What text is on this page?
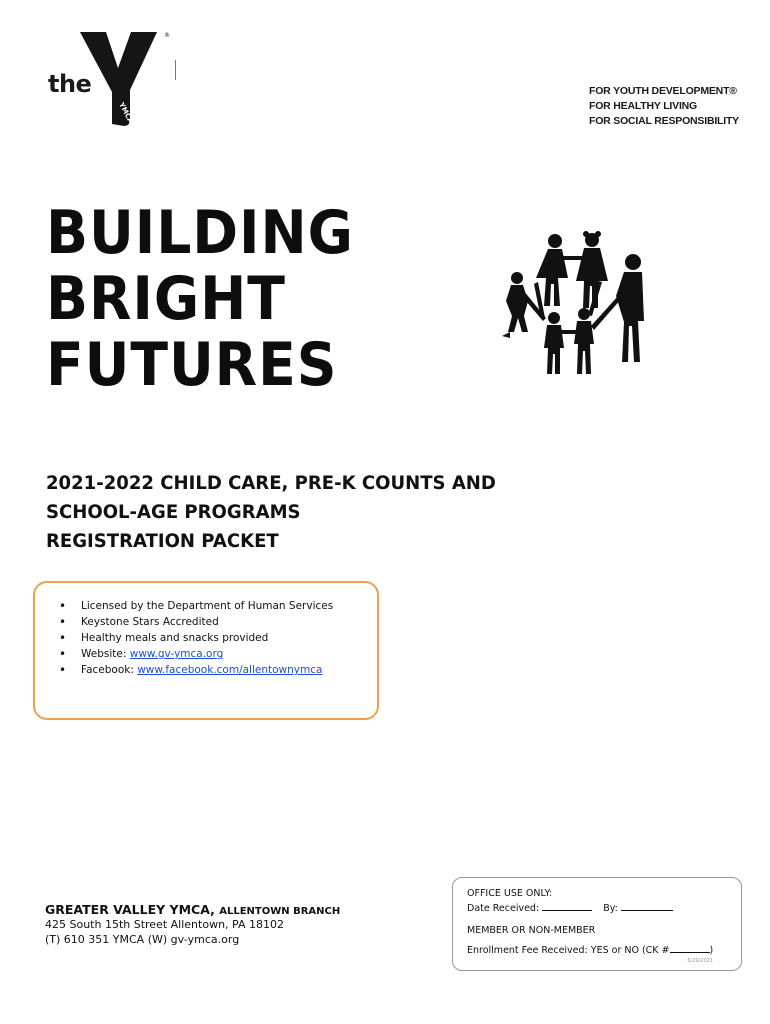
YMCA
®
the	FOR YOUTH DEVELOPMENT®
FOR HEALTHY LIVING
FOR SOCIAL RESPONSIBILITY
BUILDING
BRIGHT
FUTURES
2021-2022 CHILD CARE, PRE-K COUNTS AND
SCHOOL-AGE PROGRAMS
REGISTRATION PACKET
• Licensed by the Department of Human Services
• Keystone Stars Accredited
• Healthy meals and snacks provided
• Website: www.gv-ymca.org
• Facebook: www.facebook.com/allentownymca
GREATER VALLEY YMCA, ALLENTOWN BRANCH
425 South 15th Street Allentown, PA 18102
(T) 610 351 YMCA (W) gv-ymca.org
OFFICE USE ONLY:
Date Received:	By:
MEMBER OR NON-MEMBER
Enrollment Fee Received: YES or NO (CK #	)
6/29/2021
